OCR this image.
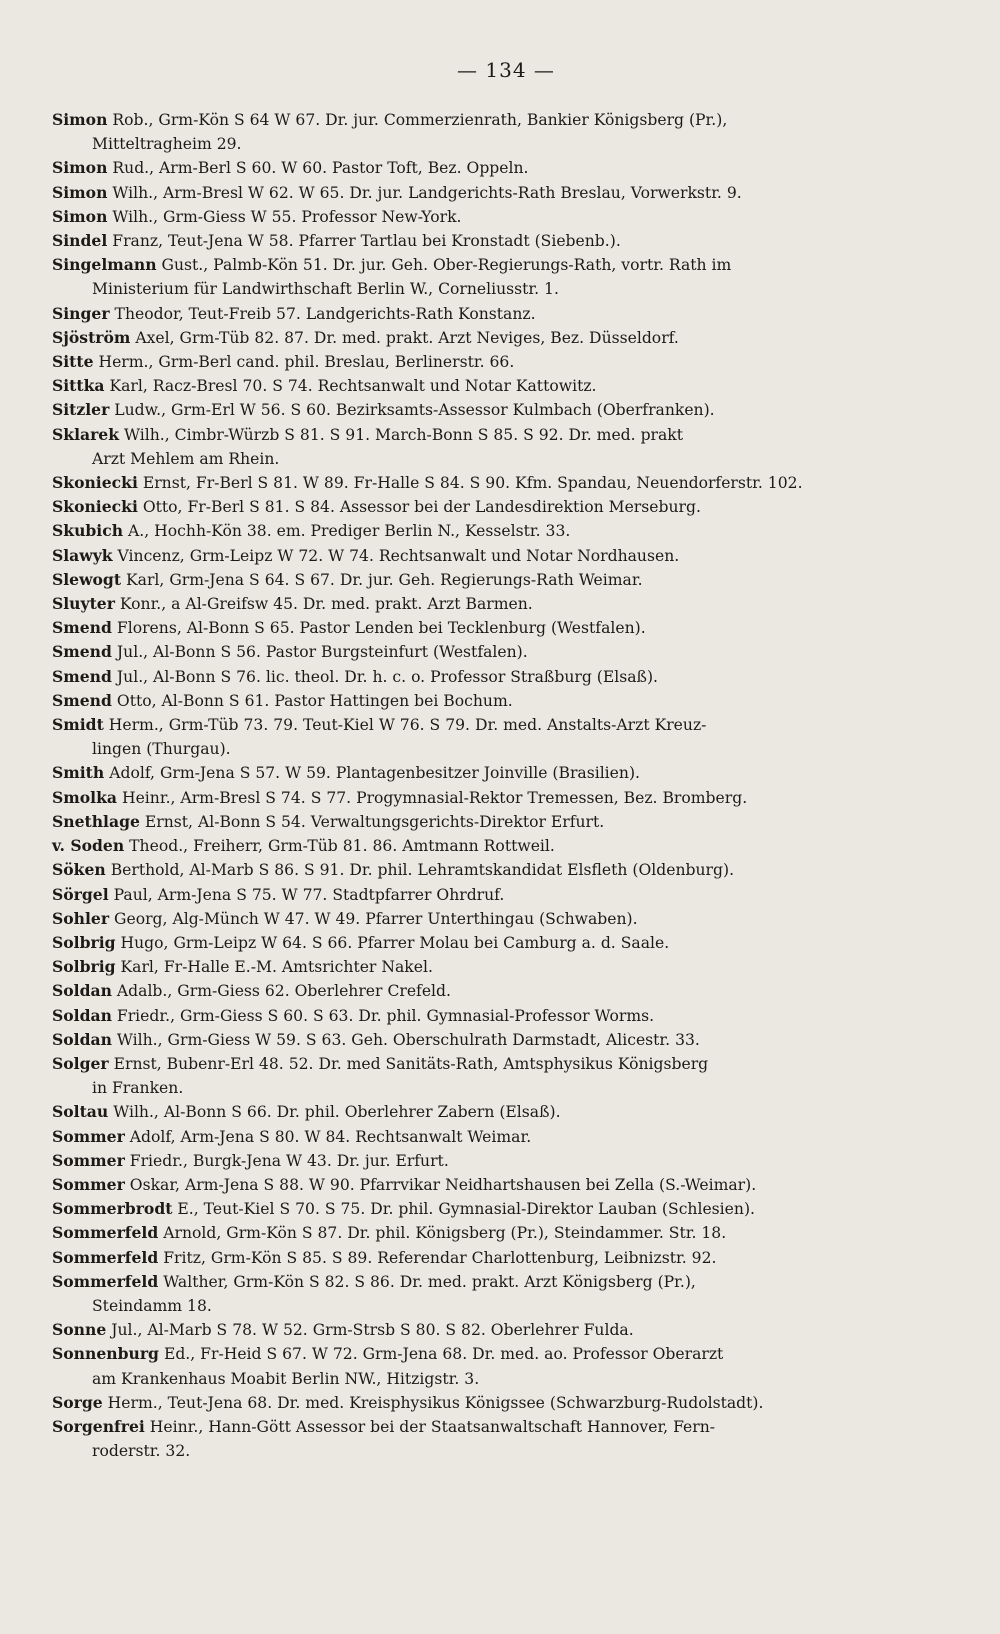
— 134 —
Simon Rob., Grm-Kön S 64 W 67. Dr. jur. Commerzienrath, Bankier Königsberg (Pr.),
Mitteltragheim 29.
Simon Rud., Arm-Berl S 60. W 60. Pastor Toft, Bez. Oppeln.
Simon Wilh., Arm-Bresl W 62. W 65. Dr. jur. Landgerichts-Rath Breslau, Vorwerkstr. 9.
Simon Wilh., Grm-Giess W 55. Professor New-York.
Sindel Franz, Teut-Jena W 58. Pfarrer Tartlau bei Kronstadt (Siebenb.).
Singelmann Gust., Palmb-Kön 51. Dr. jur. Geh. Ober-Regierungs-Rath, vortr. Rath im
Ministerium für Landwirthschaft Berlin W., Corneliusstr. 1.
Singer Theodor, Teut-Freib 57. Landgerichts-Rath Konstanz.
Sjöström Axel, Grm-Tüb 82. 87. Dr. med. prakt. Arzt Neviges, Bez. Düsseldorf.
Sitte Herm., Grm-Berl cand. phil. Breslau, Berlinerstr. 66.
Sittka Karl, Racz-Bresl 70. S 74. Rechtsanwalt und Notar Kattowitz.
Sitzler Ludw., Grm-Erl W 56. S 60. Bezirksamts-Assessor Kulmbach (Oberfranken).
Sklarek Wilh., Cimbr-Würzb S 81. S 91. March-Bonn S 85. S 92. Dr. med. prakt
Arzt Mehlem am Rhein.
Skoniecki Ernst, Fr-Berl S 81. W 89. Fr-Halle S 84. S 90. Kfm. Spandau, Neuendorferstr. 102.
Skoniecki Otto, Fr-Berl S 81. S 84. Assessor bei der Landesdirektion Merseburg.
Skubich A., Hochh-Kön 38. em. Prediger Berlin N., Kesselstr. 33.
Slawyk Vincenz, Grm-Leipz W 72. W 74. Rechtsanwalt und Notar Nordhausen.
Slewogt Karl, Grm-Jena S 64. S 67. Dr. jur. Geh. Regierungs-Rath Weimar.
Sluyter Konr., a Al-Greifsw 45. Dr. med. prakt. Arzt Barmen.
Smend Florens, Al-Bonn S 65. Pastor Lenden bei Tecklenburg (Westfalen).
Smend Jul., Al-Bonn S 56. Pastor Burgsteinfurt (Westfalen).
Smend Jul., Al-Bonn S 76. lic. theol. Dr. h. c. o. Professor Straßburg (Elsaß).
Smend Otto, Al-Bonn S 61. Pastor Hattingen bei Bochum.
Smidt Herm., Grm-Tüb 73. 79. Teut-Kiel W 76. S 79. Dr. med. Anstalts-Arzt Kreuz-
lingen (Thurgau).
Smith Adolf, Grm-Jena S 57. W 59. Plantagenbesitzer Joinville (Brasilien).
Smolka Heinr., Arm-Bresl S 74. S 77. Progymnasial-Rektor Tremessen, Bez. Bromberg.
Snethlage Ernst, Al-Bonn S 54. Verwaltungsgerichts-Direktor Erfurt.
v. Soden Theod., Freiherr, Grm-Tüb 81. 86. Amtmann Rottweil.
Söken Berthold, Al-Marb S 86. S 91. Dr. phil. Lehramtskandidat Elsfleth (Oldenburg).
Sörgel Paul, Arm-Jena S 75. W 77. Stadtpfarrer Ohrdruf.
Sohler Georg, Alg-Münch W 47. W 49. Pfarrer Unterthingau (Schwaben).
Solbrig Hugo, Grm-Leipz W 64. S 66. Pfarrer Molau bei Camburg a. d. Saale.
Solbrig Karl, Fr-Halle E.-M. Amtsrichter Nakel.
Soldan Adalb., Grm-Giess 62. Oberlehrer Crefeld.
Soldan Friedr., Grm-Giess S 60. S 63. Dr. phil. Gymnasial-Professor Worms.
Soldan Wilh., Grm-Giess W 59. S 63. Geh. Oberschulrath Darmstadt, Alicestr. 33.
Solger Ernst, Bubenr-Erl 48. 52. Dr. med Sanitäts-Rath, Amtsphysikus Königsberg
in Franken.
Soltau Wilh., Al-Bonn S 66. Dr. phil. Oberlehrer Zabern (Elsaß).
Sommer Adolf, Arm-Jena S 80. W 84. Rechtsanwalt Weimar.
Sommer Friedr., Burgk-Jena W 43. Dr. jur. Erfurt.
Sommer Oskar, Arm-Jena S 88. W 90. Pfarrvikar Neidhartshausen bei Zella (S.-Weimar).
Sommerbrodt E., Teut-Kiel S 70. S 75. Dr. phil. Gymnasial-Direktor Lauban (Schlesien).
Sommerfeld Arnold, Grm-Kön S 87. Dr. phil. Königsberg (Pr.), Steindammer. Str. 18.
Sommerfeld Fritz, Grm-Kön S 85. S 89. Referendar Charlottenburg, Leibnizstr. 92.
Sommerfeld Walther, Grm-Kön S 82. S 86. Dr. med. prakt. Arzt Königsberg (Pr.),
Steindamm 18.
Sonne Jul., Al-Marb S 78. W 52. Grm-Strsb S 80. S 82. Oberlehrer Fulda.
Sonnenburg Ed., Fr-Heid S 67. W 72. Grm-Jena 68. Dr. med. ao. Professor Oberarzt
am Krankenhaus Moabit Berlin NW., Hitzigstr. 3.
Sorge Herm., Teut-Jena 68. Dr. med. Kreisphysikus Königssee (Schwarzburg-Rudolstadt).
Sorgenfrei Heinr., Hann-Gött Assessor bei der Staatsanwaltschaft Hannover, Fern-
roderstr. 32.
